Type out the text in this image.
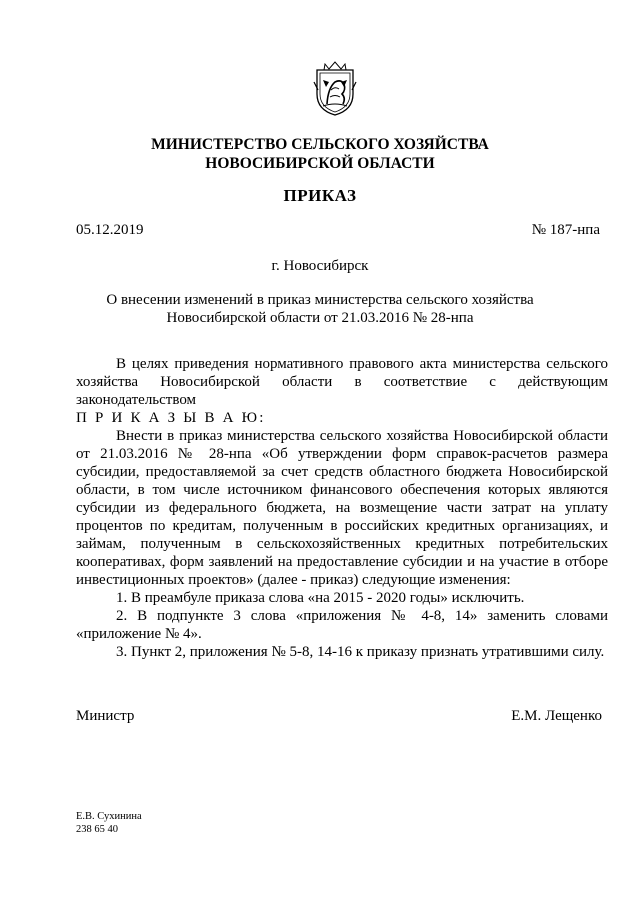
МИНИСТЕРСТВО СЕЛЬСКОГО ХОЗЯЙСТВА
НОВОСИБИРСКОЙ ОБЛАСТИ
ПРИКАЗ
05.12.2019	№ 187-нпа
г. Новосибирск
О внесении изменений в приказ министерства сельского хозяйства
Новосибирской области от 21.03.2016 № 28-нпа

В целях приведения нормативного правового акта министерства сельского хозяйства Новосибирской области в соответствие с действующим законодательством

П Р И К А З Ы В А Ю:

Внести в приказ министерства сельского хозяйства Новосибирской области от 21.03.2016 № 28-нпа «Об утверждении форм справок-расчетов размера субсидии, предоставляемой за счет средств областного бюджета Новосибирской области, в том числе источником финансового обеспечения которых являются субсидии из федерального бюджета, на возмещение части затрат на уплату процентов по кредитам, полученным в российских кредитных организациях, и займам, полученным в сельскохозяйственных кредитных потребительских кооперативах, форм заявлений на предоставление субсидии и на участие в отборе инвестиционных проектов» (далее - приказ) следующие изменения:

1. В преамбуле приказа слова «на 2015 - 2020 годы» исключить.

2. В подпункте 3 слова «приложения № 4-8, 14» заменить словами «приложение № 4».

3. Пункт 2, приложения № 5-8, 14-16 к приказу признать утратившими силу.

Министр	Е.М. Лещенко
Е.В. Сухинина
238 65 40
